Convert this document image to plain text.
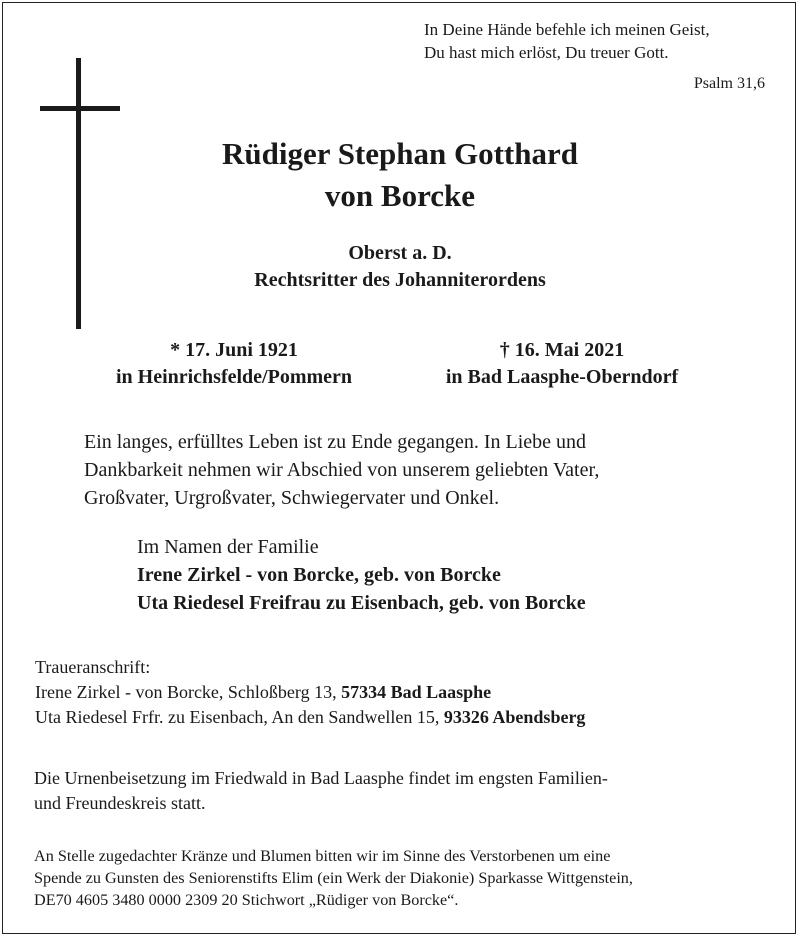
In Deine Hände befehle ich meinen Geist,
Du hast mich erlöst, Du treuer Gott.
Psalm 31,6
Rüdiger Stephan Gotthard
von Borcke
Oberst a. D.
Rechtsritter des Johanniterordens
* 17. Juni 1921
in Heinrichsfelde/Pommern
† 16. Mai 2021
in Bad Laasphe-Oberndorf
Ein langes, erfülltes Leben ist zu Ende gegangen. In Liebe und
Dankbarkeit nehmen wir Abschied von unserem geliebten Vater,
Großvater, Urgroßvater, Schwiegervater und Onkel.
Im Namen der Familie
Irene Zirkel - von Borcke, geb. von Borcke
Uta Riedesel Freifrau zu Eisenbach, geb. von Borcke
Traueranschrift:
Irene Zirkel - von Borcke, Schloßberg 13, 57334 Bad Laasphe
Uta Riedesel Frfr. zu Eisenbach, An den Sandwellen 15, 93326 Abendsberg
Die Urnenbeisetzung im Friedwald in Bad Laasphe findet im engsten Familien-
und Freundeskreis statt.
An Stelle zugedachter Kränze und Blumen bitten wir im Sinne des Verstorbenen um eine
Spende zu Gunsten des Seniorenstifts Elim (ein Werk der Diakonie) Sparkasse Wittgenstein,
DE70 4605 3480 0000 2309 20 Stichwort „Rüdiger von Borcke“.
